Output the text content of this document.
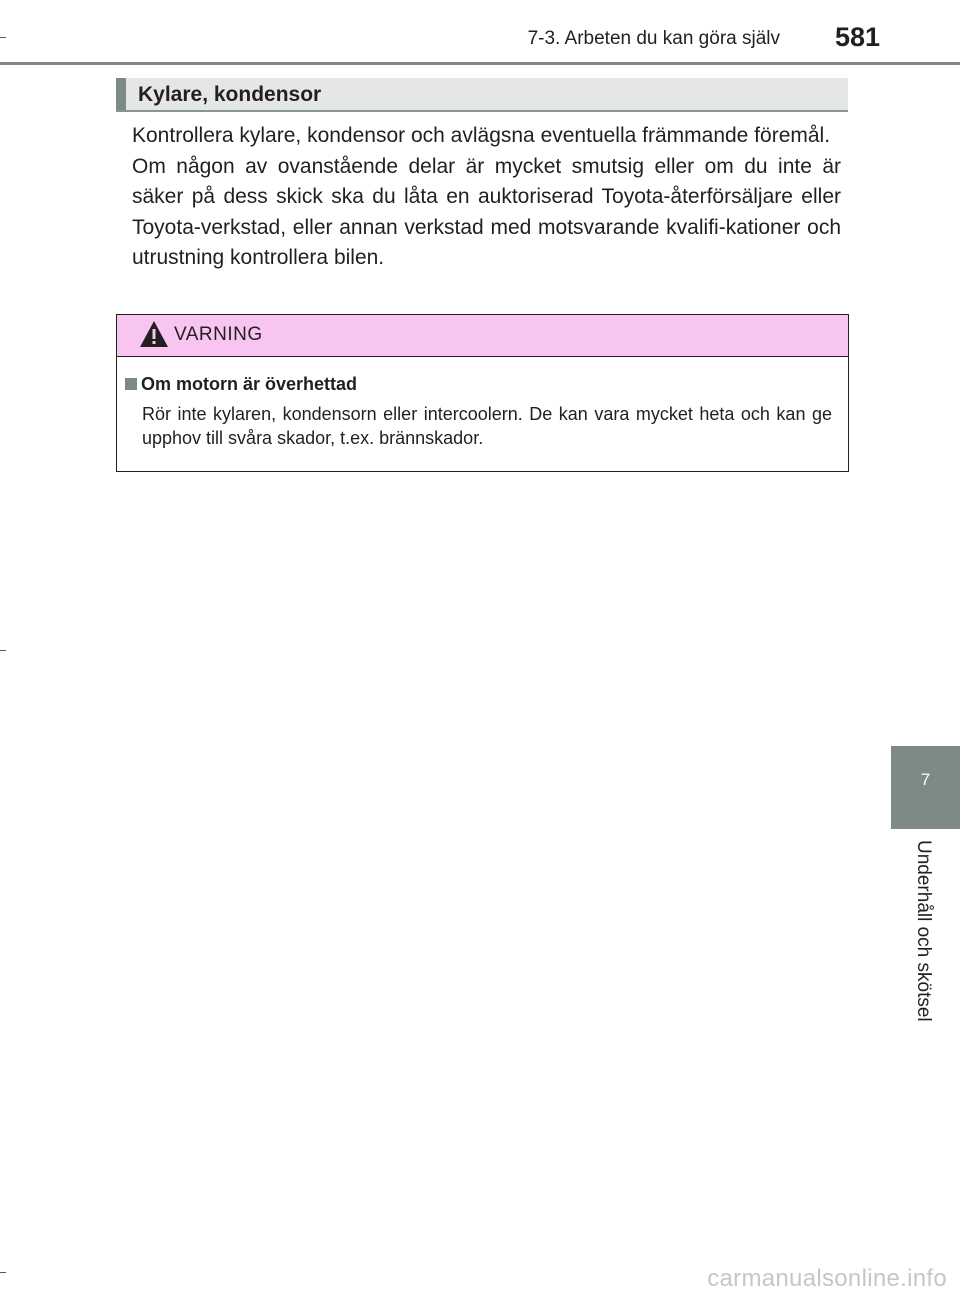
7-3. Arbeten du kan göra själv	581
Kylare, kondensor

Kontrollera kylare, kondensor och avlägsna eventuella främmande föremål.

Om någon av ovanstående delar är mycket smutsig eller om du inte är säker på dess skick ska du låta en auktoriserad Toyota-återförsäljare eller Toyota-verkstad, eller annan verkstad med motsvarande kvalifi-kationer och utrustning kontrollera bilen.

VARNING
Om motorn är överhettad
Rör inte kylaren, kondensorn eller intercoolern. De kan vara mycket heta och kan ge upphov till svåra skador, t.ex. brännskador.
7
Underhåll och skötsel
carmanualsonline.info
